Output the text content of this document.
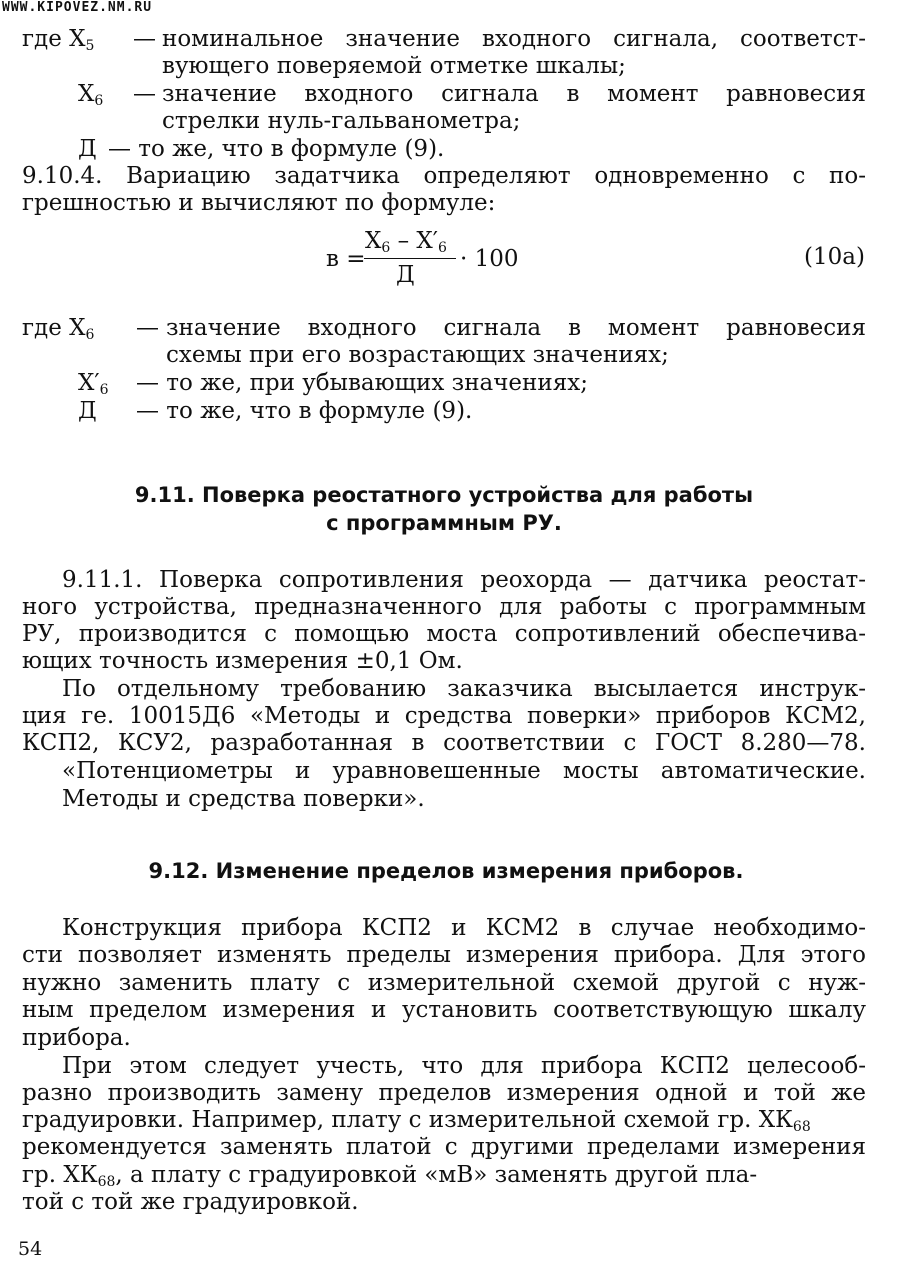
WWW.KIPOVEZ.NM.RU
где $X_5$ — номинальное значение входного сигнала, соответст-
вующего поверяемой отметке шкалы;
$X_6$ — значение входного сигнала в момент равновесия
стрелки нуль-гальванометра;
Д — то же, что в формуле (9).
9.10.4. Вариацию задатчика определяют одновременно с по-
грешностью и вычисляют по формуле:
в =
$X_6 - X'_6$
Д
· 100	(10а)
где $X_6$ — значение входного сигнала в момент равновесия
схемы при его возрастающих значениях;
$X'_6$ — то же, при убывающих значениях;
Д — то же, что в формуле (9).
9.11. Поверка реостатного устройства для работы
с программным РУ.
9.11.1. Поверка сопротивления реохорда — датчика реостат-
ного устройства, предназначенного для работы с программным
РУ, производится с помощью моста сопротивлений обеспечива-
ющих точность измерения ±0,1 Ом.
По отдельному требованию заказчика высылается инструк-
ция ге. 10015Д6 «Методы и средства поверки» приборов КСМ2,
КСП2, КСУ2, разработанная в соответствии с ГОСТ 8.280—78.
«Потенциометры и уравновешенные мосты автоматические.
Методы и средства поверки».
9.12. Изменение пределов измерения приборов.
Конструкция прибора КСП2 и КСМ2 в случае необходимо-
сти позволяет изменять пределы измерения прибора. Для этого
нужно заменить плату с измерительной схемой другой с нуж-
ным пределом измерения и установить соответствующую шкалу
прибора.
При этом следует учесть, что для прибора КСП2 целесооб-
разно производить замену пределов измерения одной и той же
градуировки. Например, плату с измерительной схемой гр. $ХК_{68}$
рекомендуется заменять платой с другими пределами измерения
гр. $ХК_{68}$, а плату с градуировкой «мВ» заменять другой пла-
той с той же градуировкой.
54
